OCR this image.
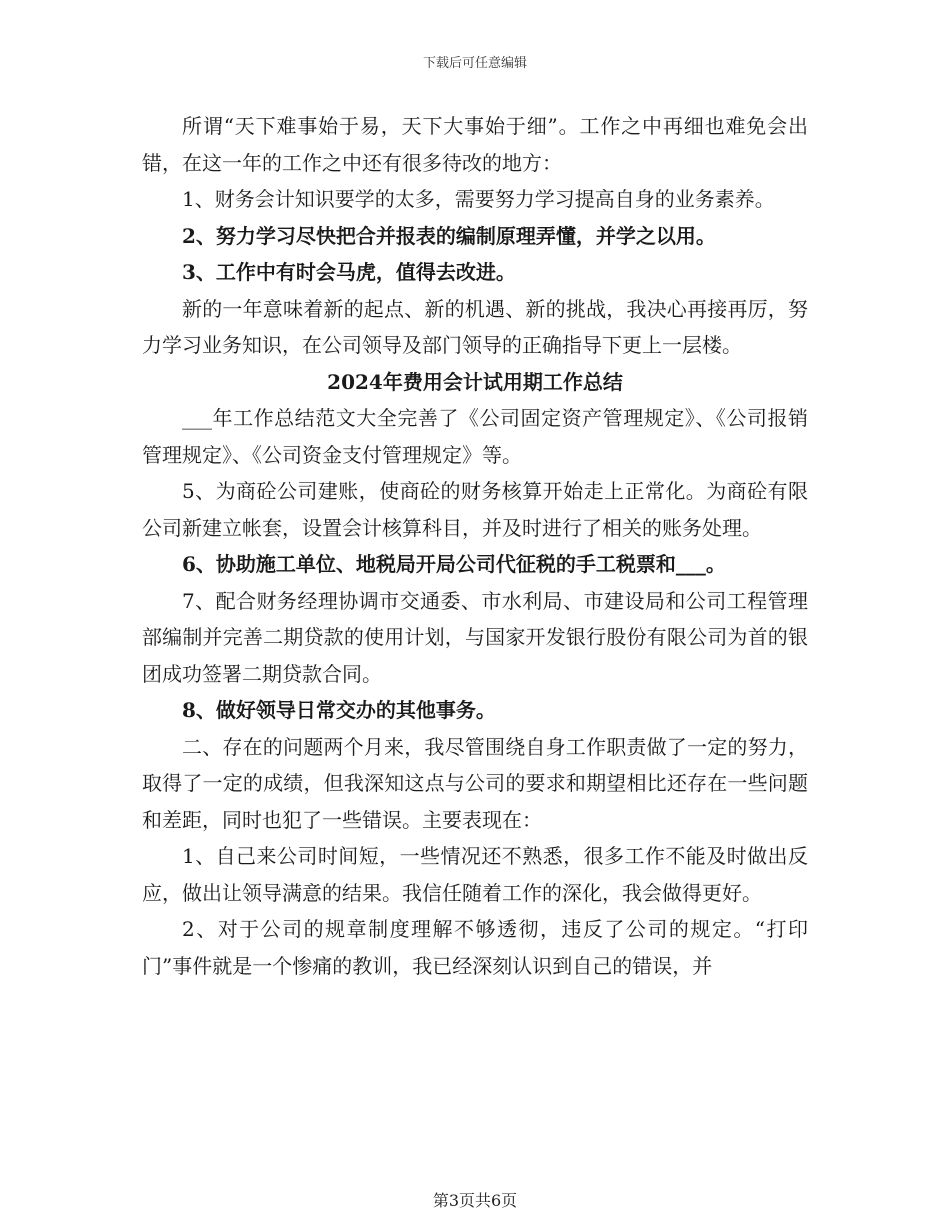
下载后可任意编辑

所谓“天下难事始于易，天下大事始于细”。工作之中再细也难免会出错，在这一年的工作之中还有很多待改的地方：

1、财务会计知识要学的太多，需要努力学习提高自身的业务素养。

2、努力学习尽快把合并报表的编制原理弄懂，并学之以用。

3、工作中有时会马虎，值得去改进。

新的一年意味着新的起点、新的机遇、新的挑战，我决心再接再厉，努力学习业务知识，在公司领导及部门领导的正确指导下更上一层楼。

2024年费用会计试用期工作总结

___年工作总结范文大全完善了《公司固定资产管理规定》、《公司报销管理规定》、《公司资金支付管理规定》等。

5、为商砼公司建账，使商砼的财务核算开始走上正常化。为商砼有限公司新建立帐套，设置会计核算科目，并及时进行了相关的账务处理。

6、协助施工单位、地税局开局公司代征税的手工税票和___。

7、配合财务经理协调市交通委、市水利局、市建设局和公司工程管理部编制并完善二期贷款的使用计划，与国家开发银行股份有限公司为首的银团成功签署二期贷款合同。

8、做好领导日常交办的其他事务。

二、存在的问题两个月来，我尽管围绕自身工作职责做了一定的努力，取得了一定的成绩，但我深知这点与公司的要求和期望相比还存在一些问题和差距，同时也犯了一些错误。主要表现在：

1、自己来公司时间短，一些情况还不熟悉，很多工作不能及时做出反应，做出让领导满意的结果。我信任随着工作的深化，我会做得更好。

2、对于公司的规章制度理解不够透彻，违反了公司的规定。“打印门”事件就是一个惨痛的教训，我已经深刻认识到自己的错误，并

第3页共6页
